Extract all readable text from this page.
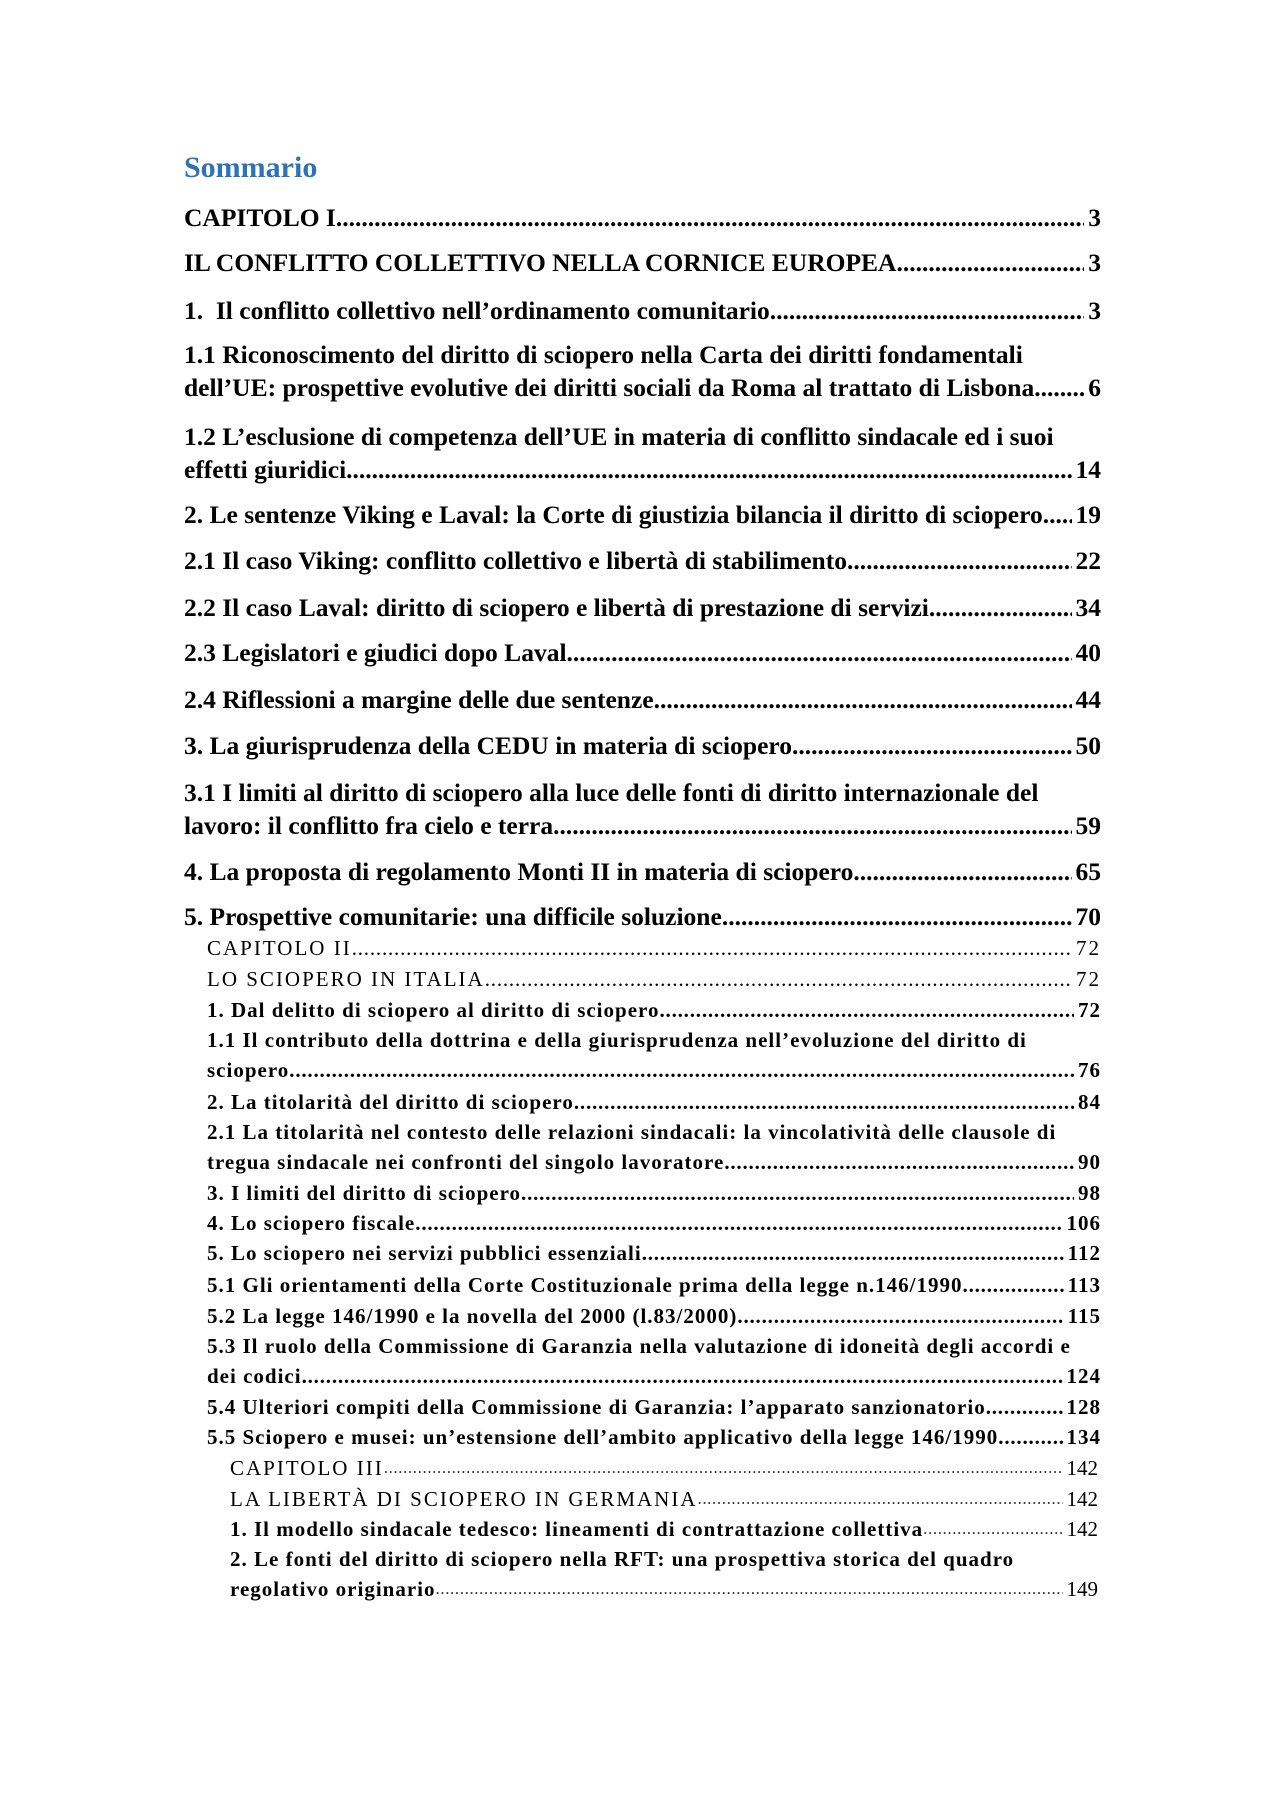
Sommario
CAPITOLO I .....	3
IL CONFLITTO COLLETTIVO NELLA CORNICE EUROPEA .....	3
1.  Il conflitto collettivo nell’ordinamento comunitario .....	3
1.1 Riconoscimento del diritto di sciopero nella Carta dei diritti fondamentali dell’UE: prospettive evolutive dei diritti sociali da Roma al trattato di Lisbona ..... 6
1.2 L’esclusione di competenza dell’UE in materia di conflitto sindacale ed i suoi effetti giuridici .....	14
2. Le sentenze Viking e Laval: la Corte di giustizia bilancia il diritto di sciopero ..... 19
2.1 Il caso Viking: conflitto collettivo e libertà di stabilimento .....	22
2.2 Il caso Laval: diritto di sciopero e libertà di prestazione di servizi .....	34
2.3 Legislatori e giudici dopo Laval .....	40
2.4 Riflessioni a margine delle due sentenze .....	44
3. La giurisprudenza della CEDU in materia di sciopero .....	50
3.1 I limiti al diritto di sciopero alla luce delle fonti di diritto internazionale del lavoro: il conflitto fra cielo e terra .....	59
4. La proposta di regolamento Monti II in materia di sciopero .....	65
5. Prospettive comunitarie: una difficile soluzione .....	70
CAPITOLO II .....	72
LO SCIOPERO IN ITALIA .....	72
1. Dal delitto di sciopero al diritto di sciopero .....	72
1.1 Il contributo della dottrina e della giurisprudenza nell’evoluzione del diritto di sciopero .....	76
2. La titolarità del diritto di sciopero .....	84
2.1 La titolarità nel contesto delle relazioni sindacali: la vincolatività delle clausole di tregua sindacale nei confronti del singolo lavoratore .....	90
3. I limiti del diritto di sciopero .....	98
4. Lo sciopero fiscale .....	106
5. Lo sciopero nei servizi pubblici essenziali .....	112
5.1 Gli orientamenti della Corte Costituzionale prima della legge n.146/1990 .....	113
5.2 La legge 146/1990 e la novella del 2000 (l.83/2000) .....	115
5.3 Il ruolo della Commissione di Garanzia nella valutazione di idoneità degli accordi e dei codici .....	124
5.4 Ulteriori compiti della Commissione di Garanzia: l’apparato sanzionatorio .....	128
5.5 Sciopero e musei: un’estensione dell’ambito applicativo della legge 146/1990 .....	134
CAPITOLO III .....	142
LA LIBERTÀ DI SCIOPERO IN GERMANIA .....	142
1. Il modello sindacale tedesco: lineamenti di contrattazione collettiva .....	142
2. Le fonti del diritto di sciopero nella RFT: una prospettiva storica del quadro regolativo originario .....	149
